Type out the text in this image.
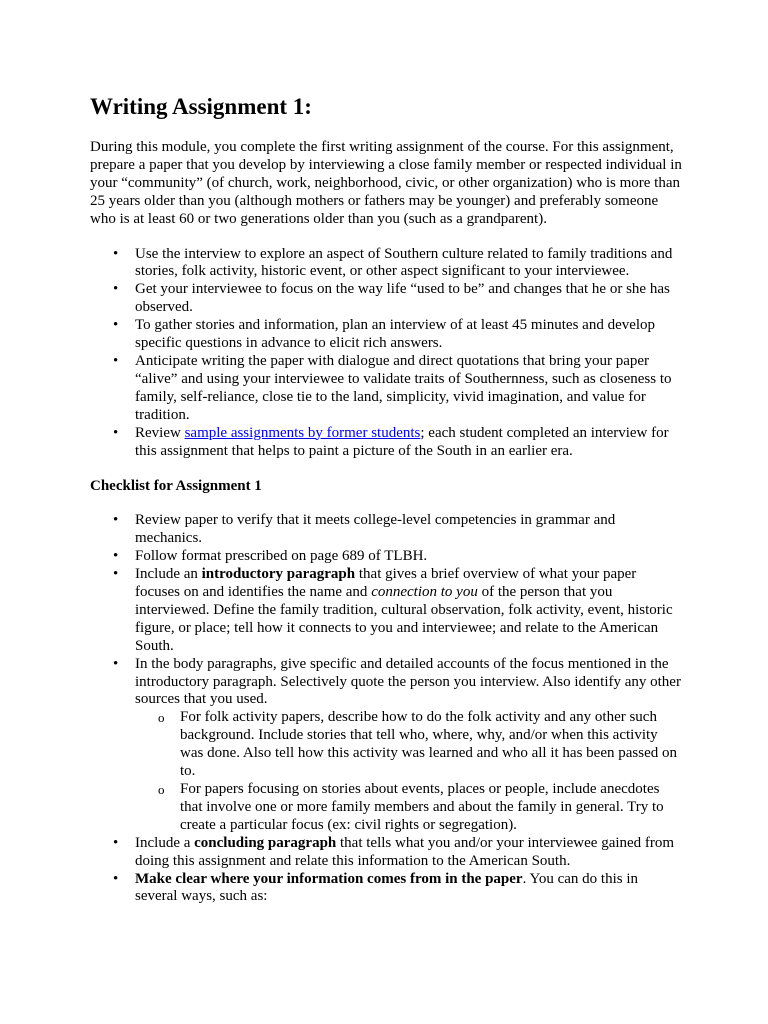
Writing Assignment 1:

During this module, you complete the first writing assignment of the course. For this assignment, prepare a paper that you develop by interviewing a close family member or respected individual in your “community” (of church, work, neighborhood, civic, or other organization) who is more than 25 years older than you (although mothers or fathers may be younger) and preferably someone who is at least 60 or two generations older than you (such as a grandparent).

• Use the interview to explore an aspect of Southern culture related to family traditions and stories, folk activity, historic event, or other aspect significant to your interviewee.
• Get your interviewee to focus on the way life “used to be” and changes that he or she has observed.
• To gather stories and information, plan an interview of at least 45 minutes and develop specific questions in advance to elicit rich answers.
• Anticipate writing the paper with dialogue and direct quotations that bring your paper “alive” and using your interviewee to validate traits of Southernness, such as closeness to family, self-reliance, close tie to the land, simplicity, vivid imagination, and value for tradition.
• Review sample assignments by former students; each student completed an interview for this assignment that helps to paint a picture of the South in an earlier era.
Checklist for Assignment 1
• Review paper to verify that it meets college-level competencies in grammar and mechanics.
• Follow format prescribed on page 689 of TLBH.
• Include an introductory paragraph that gives a brief overview of what your paper focuses on and identifies the name and connection to you of the person that you interviewed. Define the family tradition, cultural observation, folk activity, event, historic figure, or place; tell how it connects to you and interviewee; and relate to the American South.
• In the body paragraphs, give specific and detailed accounts of the focus mentioned in the introductory paragraph. Selectively quote the person you interview. Also identify any other sources that you used.
o For folk activity papers, describe how to do the folk activity and any other such background. Include stories that tell who, where, why, and/or when this activity was done. Also tell how this activity was learned and who all it has been passed on to.
o For papers focusing on stories about events, places or people, include anecdotes that involve one or more family members and about the family in general. Try to create a particular focus (ex: civil rights or segregation).
• Include a concluding paragraph that tells what you and/or your interviewee gained from doing this assignment and relate this information to the American South.
• Make clear where your information comes from in the paper. You can do this in several ways, such as:
